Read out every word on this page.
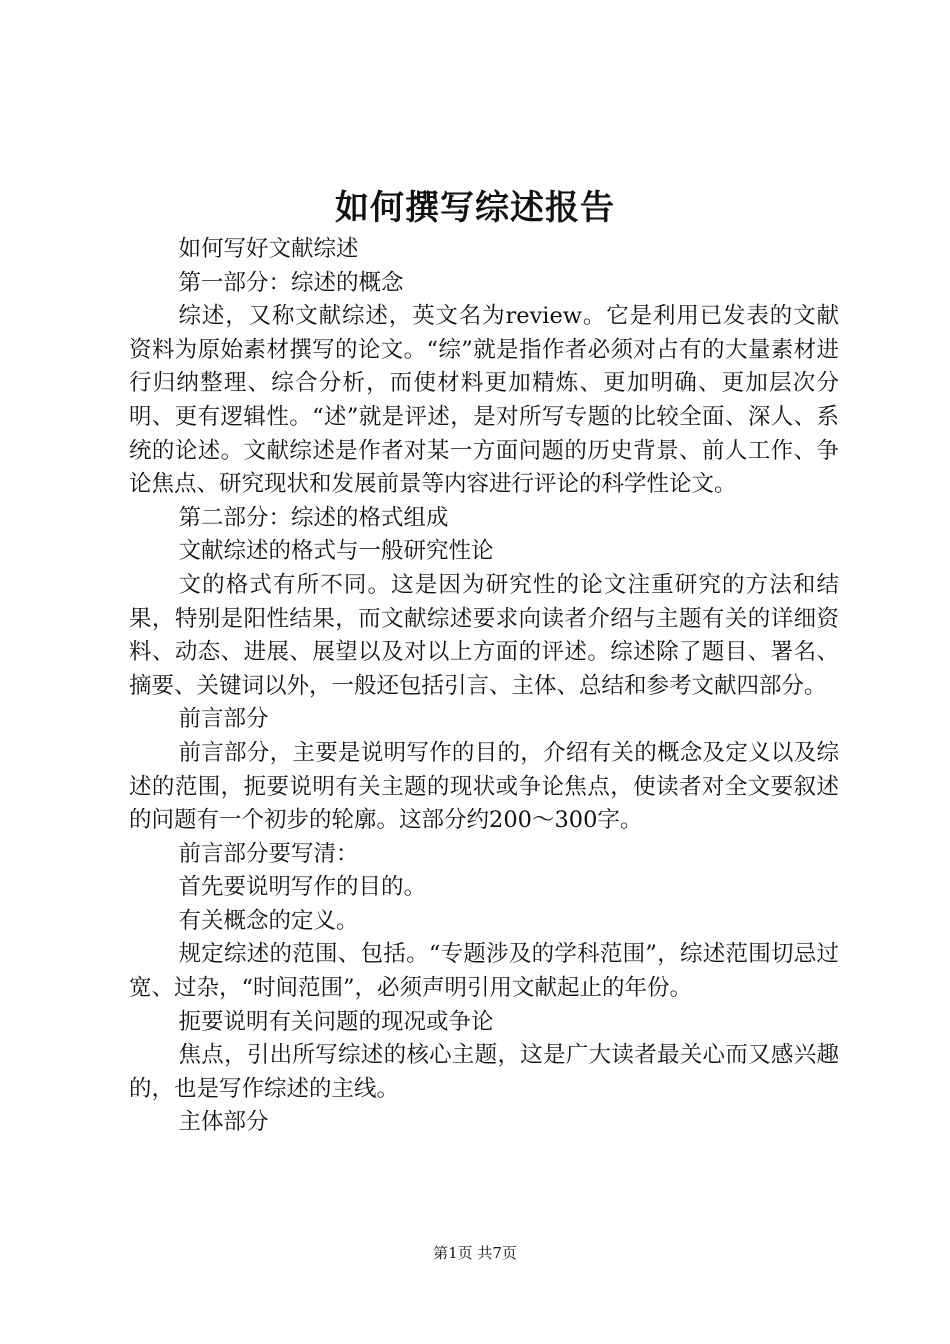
如何撰写综述报告

如何写好文献综述

第一部分：综述的概念

综述，又称文献综述，英文名为review。它是利用已发表的文献资料为原始素材撰写的论文。“综”就是指作者必须对占有的大量素材进行归纳整理、综合分析，而使材料更加精炼、更加明确、更加层次分明、更有逻辑性。“述”就是评述，是对所写专题的比较全面、深人、系统的论述。文献综述是作者对某一方面问题的历史背景、前人工作、争论焦点、研究现状和发展前景等内容进行评论的科学性论文。

第二部分：综述的格式组成

文献综述的格式与一般研究性论

文的格式有所不同。这是因为研究性的论文注重研究的方法和结果，特别是阳性结果，而文献综述要求向读者介绍与主题有关的详细资料、动态、进展、展望以及对以上方面的评述。综述除了题目、署名、摘要、关键词以外，一般还包括引言、主体、总结和参考文献四部分。

前言部分

前言部分，主要是说明写作的目的，介绍有关的概念及定义以及综述的范围，扼要说明有关主题的现状或争论焦点，使读者对全文要叙述的问题有一个初步的轮廓。这部分约200～300字。

前言部分要写清：

首先要说明写作的目的。

有关概念的定义。

规定综述的范围、包括。“专题涉及的学科范围”，综述范围切忌过宽、过杂，“时间范围”，必须声明引用文献起止的年份。

扼要说明有关问题的现况或争论

焦点，引出所写综述的核心主题，这是广大读者最关心而又感兴趣的，也是写作综述的主线。

主体部分

第1页 共7页
